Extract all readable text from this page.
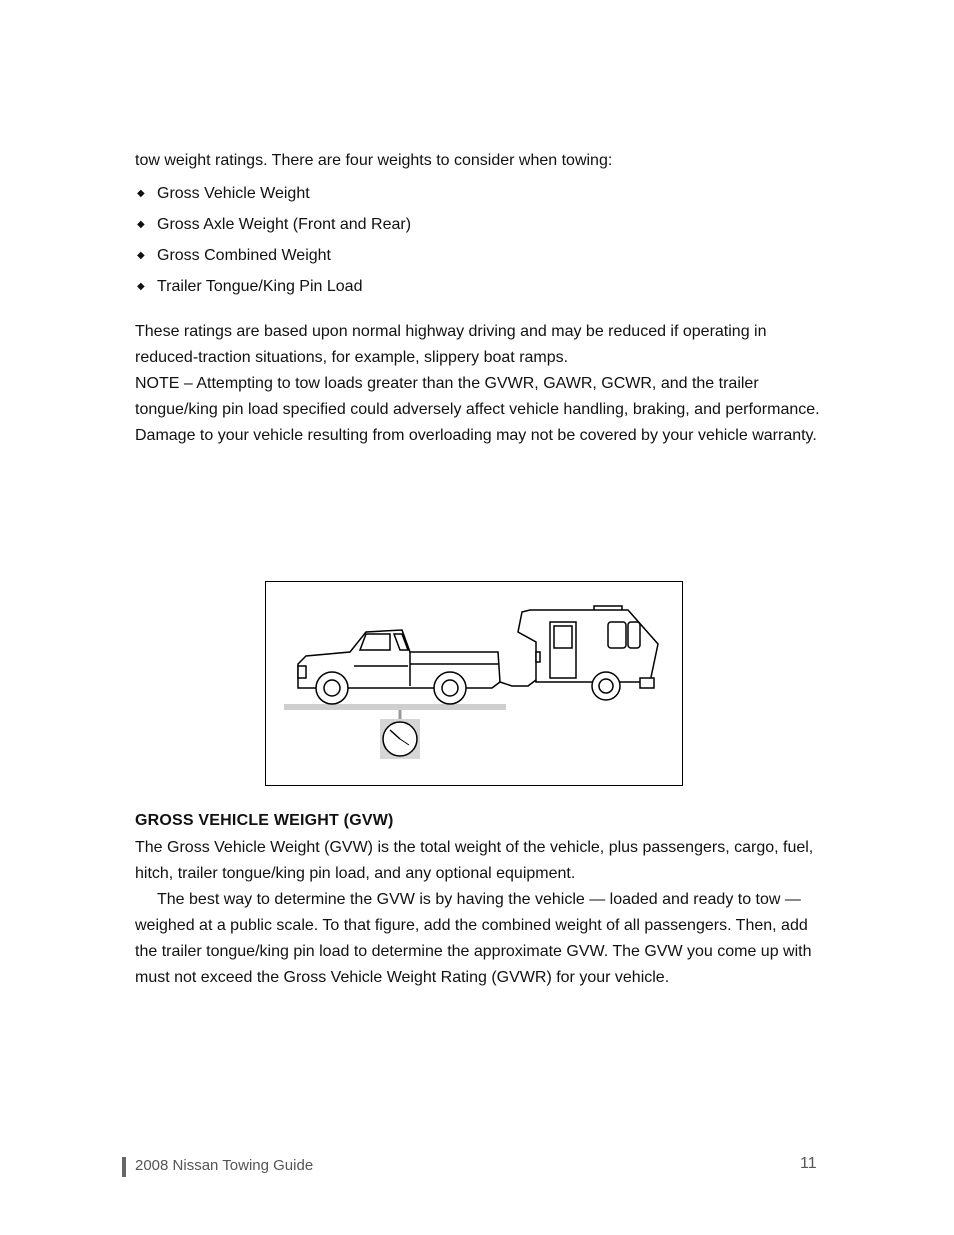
tow weight ratings. There are four weights to consider when towing:

◆ Gross Vehicle Weight
◆ Gross Axle Weight (Front and Rear)
◆ Gross Combined Weight
◆ Trailer Tongue/King Pin Load

These ratings are based upon normal highway driving and may be reduced if operating in reduced-traction situations, for example, slippery boat ramps.
NOTE – Attempting to tow loads greater than the GVWR, GAWR, GCWR, and the trailer tongue/king pin load specified could adversely affect vehicle handling, braking, and performance. Damage to your vehicle resulting from overloading may not be covered by your vehicle warranty.

GROSS VEHICLE WEIGHT (GVW)

The Gross Vehicle Weight (GVW) is the total weight of the vehicle, plus passengers, cargo, fuel, hitch, trailer tongue/king pin load, and any optional equipment.

The best way to determine the GVW is by having the vehicle — loaded and ready to tow — weighed at a public scale. To that figure, add the combined weight of all passengers. Then, add the trailer tongue/king pin load to determine the approximate GVW. The GVW you come up with must not exceed the Gross Vehicle Weight Rating (GVWR) for your vehicle.

2008 Nissan Towing Guide	11
